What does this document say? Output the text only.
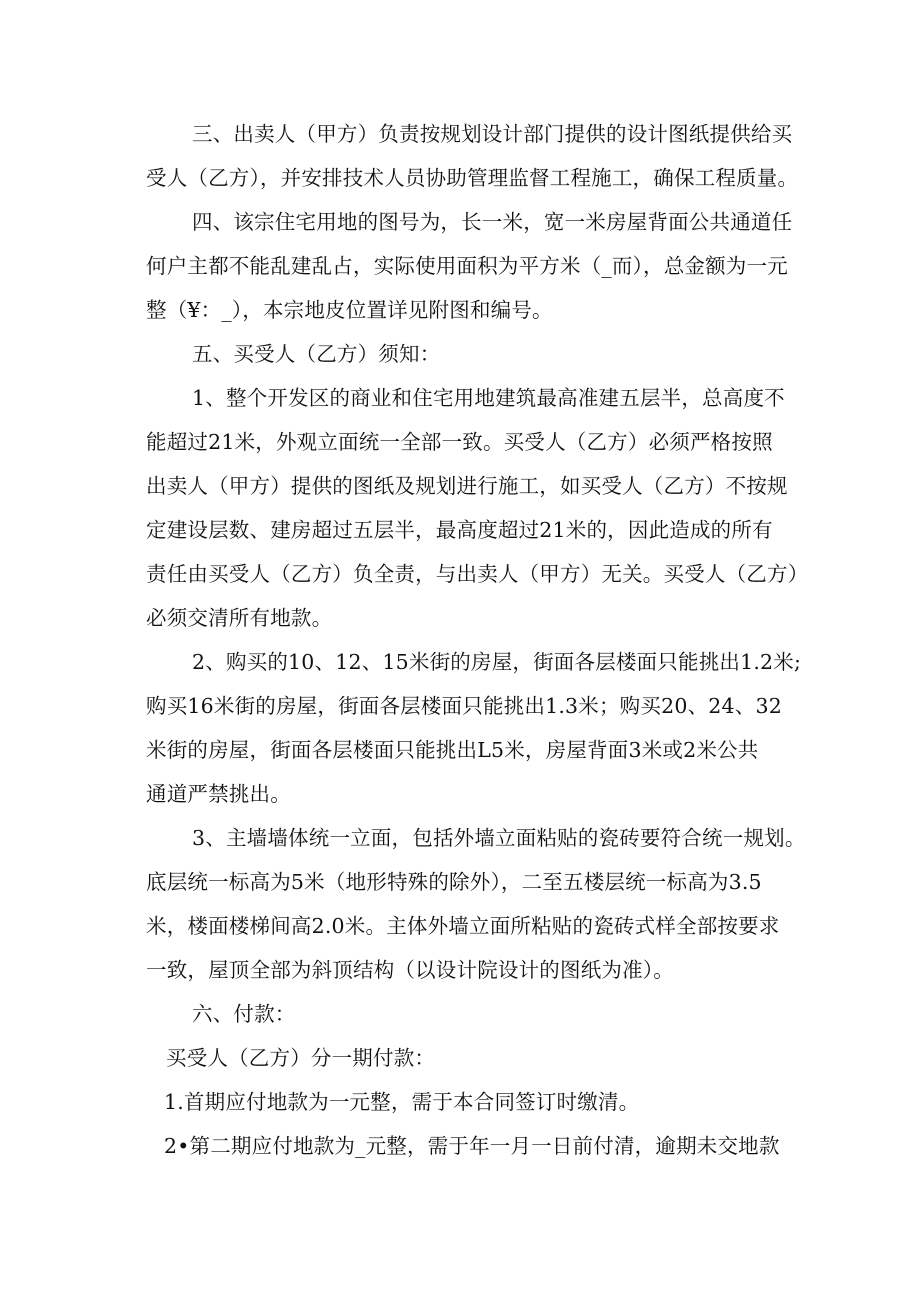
三、出卖人（甲方）负责按规划设计部门提供的设计图纸提供给买
受人（乙方），并安排技术人员协助管理监督工程施工，确保工程质量。
四、该宗住宅用地的图号为，长一米，宽一米房屋背面公共通道任
何户主都不能乱建乱占，实际使用面积为平方米（_而），总金额为一元
整（¥：_），本宗地皮位置详见附图和编号。
五、买受人（乙方）须知：
1、整个开发区的商业和住宅用地建筑最高准建五层半，总高度不
能超过21米，外观立面统一全部一致。买受人（乙方）必须严格按照
出卖人（甲方）提供的图纸及规划进行施工，如买受人（乙方）不按规
定建设层数、建房超过五层半，最高度超过21米的，因此造成的所有
责任由买受人（乙方）负全责，与出卖人（甲方）无关。买受人（乙方）
必须交清所有地款。
2、购买的10、12、15米街的房屋，街面各层楼面只能挑出1.2米;
购买16米街的房屋，街面各层楼面只能挑出1.3米；购买20、24、32
米街的房屋，街面各层楼面只能挑出L5米，房屋背面3米或2米公共
通道严禁挑出。
3、主墙墙体统一立面，包括外墙立面粘贴的瓷砖要符合统一规划。
底层统一标高为5米（地形特殊的除外），二至五楼层统一标高为3.5
米，楼面楼梯间高2.0米。主体外墙立面所粘贴的瓷砖式样全部按要求
一致，屋顶全部为斜顶结构（以设计院设计的图纸为准）。
六、付款：
买受人（乙方）分一期付款：
1.首期应付地款为一元整，需于本合同签订时缴清。
2•第二期应付地款为_元整，需于年一月一日前付清，逾期未交地款
